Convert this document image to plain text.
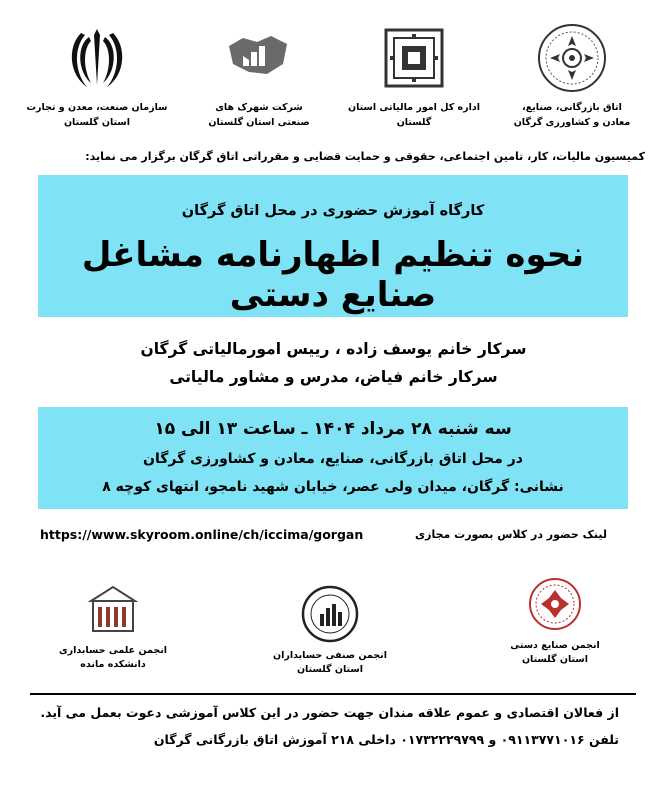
اتاق بازرگانی، صنایع،
معادن و کشاورزی گرگان
اداره کل امور مالیاتی استان
گلستان
شرکت شهرک های
صنعتی استان گلستان
سازمان صنعت، معدن و تجارت
استان گلستان
کمیسیون مالیات، کار، تامین اجتماعی، حقوقی و حمایت قضایی و مقرراتی اتاق گرگان برگزار می نماید:
کارگاه آموزش حضوری در محل اتاق گرگان
نحوه تنظیم اظهارنامه مشاغل صنایع دستی
سرکار خانم یوسف زاده ، رییس امورمالیاتی گرگان
سرکار خانم فیاض، مدرس و مشاور مالیاتی
سه شنبه ۲۸ مرداد ۱۴۰۴ ـ ساعت ۱۳ الی ۱۵
در محل اتاق بازرگانی، صنایع، معادن و کشاورزی گرگان
نشانی: گرگان، میدان ولی عصر، خیابان شهید نامجو، انتهای کوچه ۸
https://www.skyroom.online/ch/iccima/gorgan	لینک حضور در کلاس بصورت مجازی
انجمن صنایع دستی
استان گلستان
انجمن صنفی حسابداران
استان گلستان
انجمن علمی حسابداری
دانشکده مانده
از فعالان اقتصادی و عموم علاقه مندان جهت حضور در این کلاس آموزشی دعوت بعمل می آید.
تلفن ۰۹۱۱۳۷۷۱۰۱۶ و ۰۱۷۳۲۲۲۹۷۹۹ داخلی ۲۱۸ آموزش اتاق بازرگانی گرگان
